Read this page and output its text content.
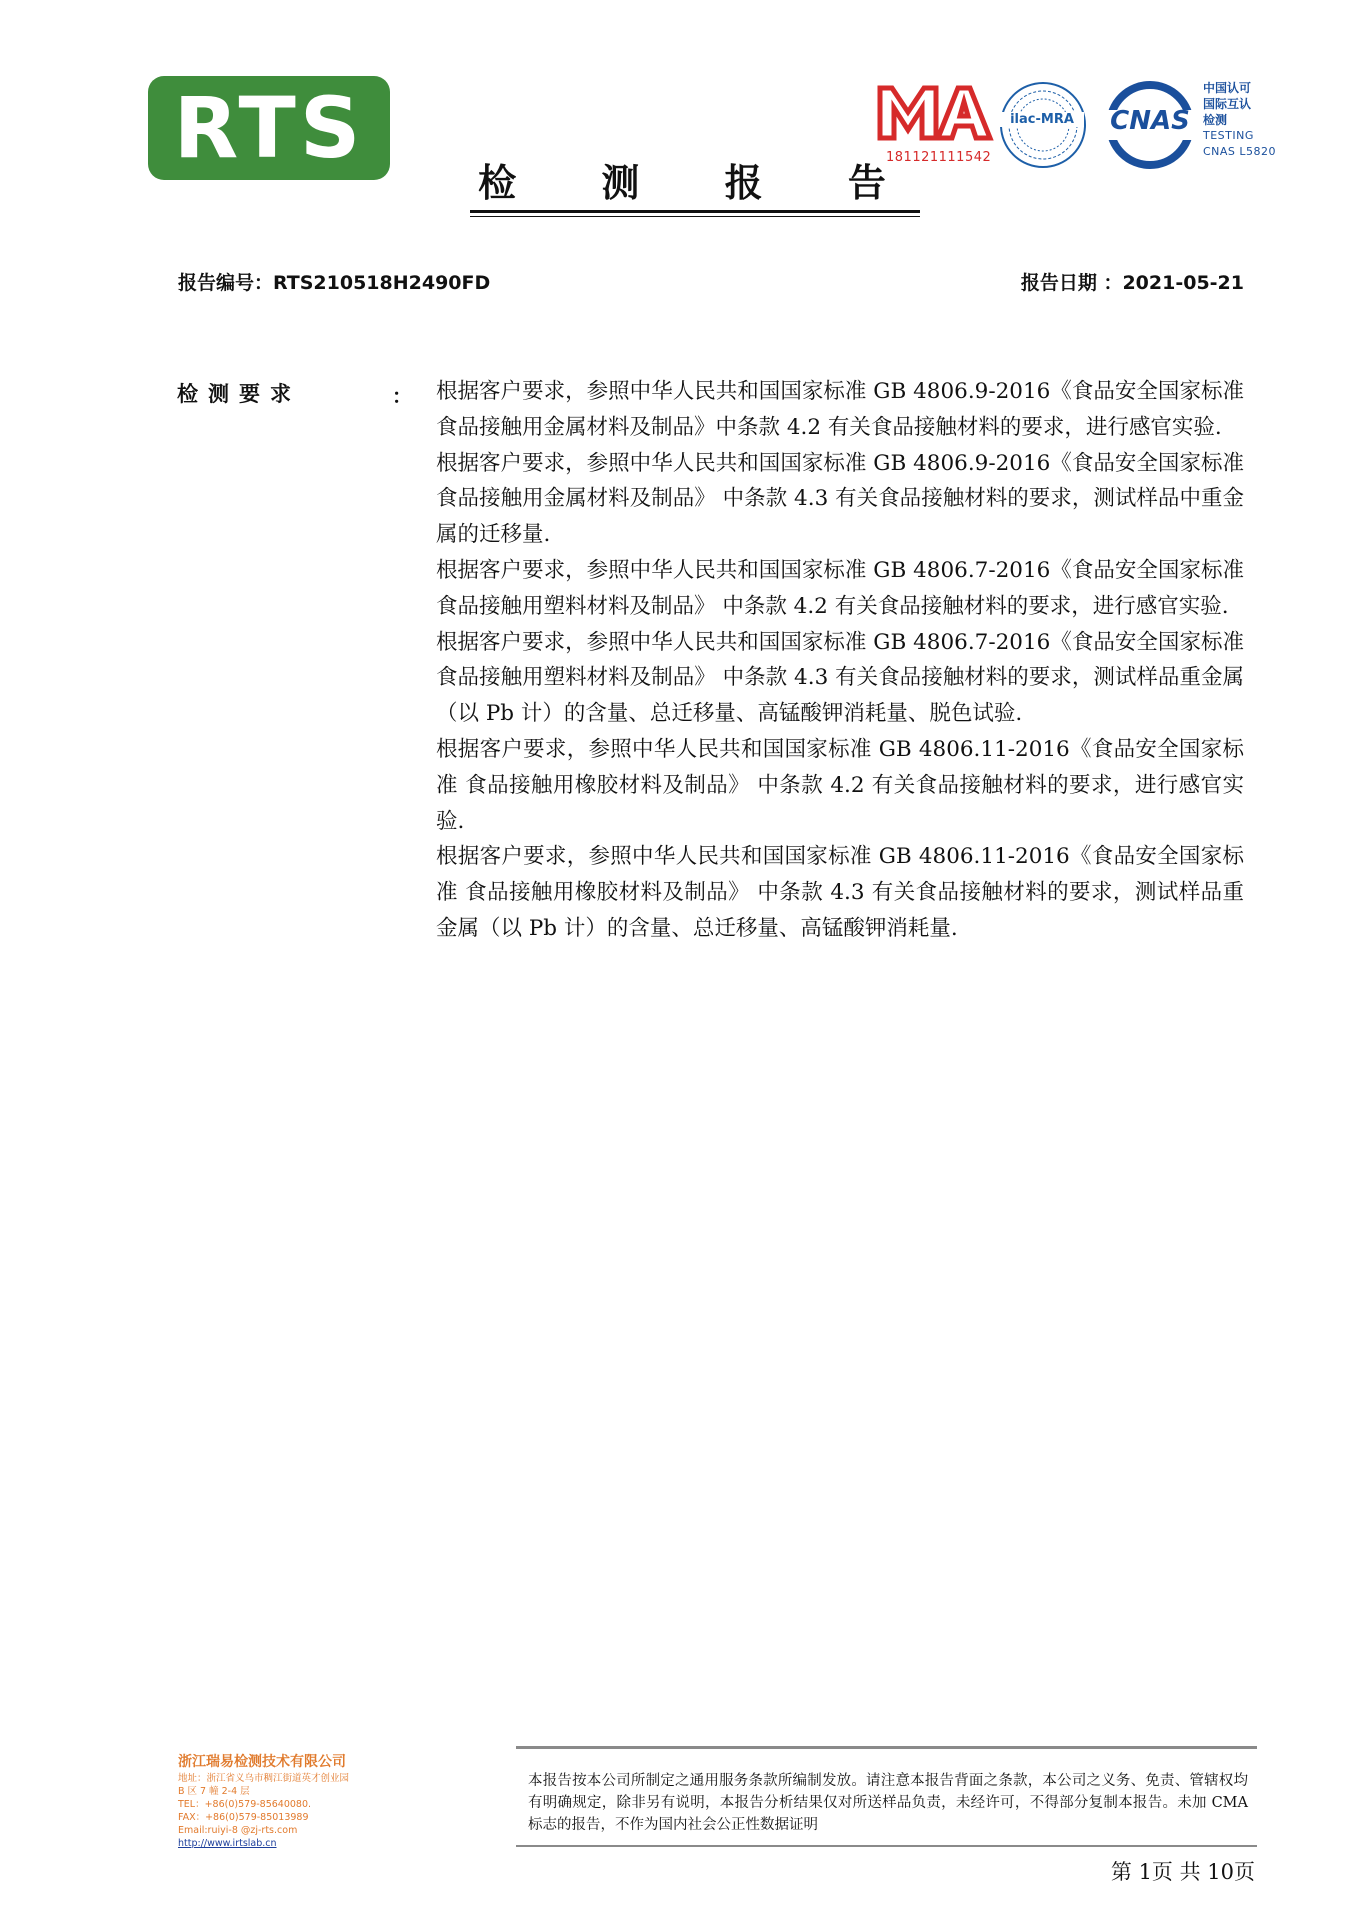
RTS	181121111542
ilac-MRA	CNAS
中国认可
国际互认
检测
TESTING
CNAS L5820
检 测 报 告
报告编号：RTS210518H2490FD	报告日期 ：2021-05-21
检测要求	： 根据客户要求，参照中华人民共和国国家标准 GB 4806.9-2016《食品安全国家标准 食品接触用金属材料及制品》中条款 4.2 有关食品接触材料的要求，进行感官实验.

根据客户要求，参照中华人民共和国国家标准 GB 4806.9-2016《食品安全国家标准 食品接触用金属材料及制品》 中条款 4.3 有关食品接触材料的要求，测试样品中重金属的迁移量.

根据客户要求，参照中华人民共和国国家标准 GB 4806.7-2016《食品安全国家标准 食品接触用塑料材料及制品》 中条款 4.2 有关食品接触材料的要求，进行感官实验.

根据客户要求，参照中华人民共和国国家标准 GB 4806.7-2016《食品安全国家标准 食品接触用塑料材料及制品》 中条款 4.3 有关食品接触材料的要求，测试样品重金属（以 Pb 计）的含量、总迁移量、高锰酸钾消耗量、脱色试验.

根据客户要求，参照中华人民共和国国家标准 GB 4806.11-2016《食品安全国家标准 食品接触用橡胶材料及制品》 中条款 4.2 有关食品接触材料的要求，进行感官实验.

根据客户要求，参照中华人民共和国国家标准 GB 4806.11-2016《食品安全国家标准 食品接触用橡胶材料及制品》 中条款 4.3 有关食品接触材料的要求，测试样品重金属（以 Pb 计）的含量、总迁移量、高锰酸钾消耗量.

浙江瑞易检测技术有限公司
地址：浙江省义乌市稠江街道英才创业园
B 区 7 幢 2-4 层
TEL：+86(0)579-85640080.
FAX：+86(0)579-85013989
Email:ruiyi-8 @zj-rts.com
http://www.irtslab.cn
本报告按本公司所制定之通用服务条款所编制发放。请注意本报告背面之条款，本公司之义务、免责、管辖权均有明确规定，除非另有说明，本报告分析结果仅对所送样品负责，未经许可，不得部分复制本报告。未加 CMA 标志的报告，不作为国内社会公正性数据证明
第 1页 共 10页
